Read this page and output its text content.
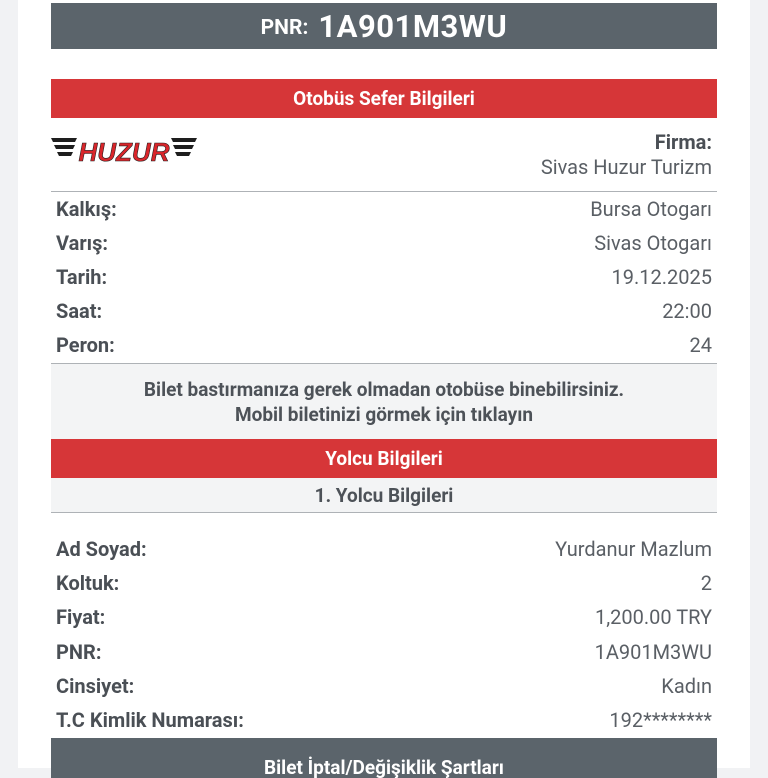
PNR: 1A901M3WU
Otobüs Sefer Bilgileri
HUZUR	Firma:
Sivas Huzur Turizm
Kalkış:	Bursa Otogarı
Varış:	Sivas Otogarı
Tarih:	19.12.2025
Saat:	22:00
Peron:	24
Bilet bastırmanıza gerek olmadan otobüse binebilirsiniz.
Mobil biletinizi görmek için tıklayın
Yolcu Bilgileri
1. Yolcu Bilgileri
Ad Soyad:	Yurdanur Mazlum
Koltuk:	2
Fiyat:	1,200.00 TRY
PNR:	1A901M3WU
Cinsiyet:	Kadın
T.C Kimlik Numarası:	192********
Bilet İptal/Değişiklik Şartları
